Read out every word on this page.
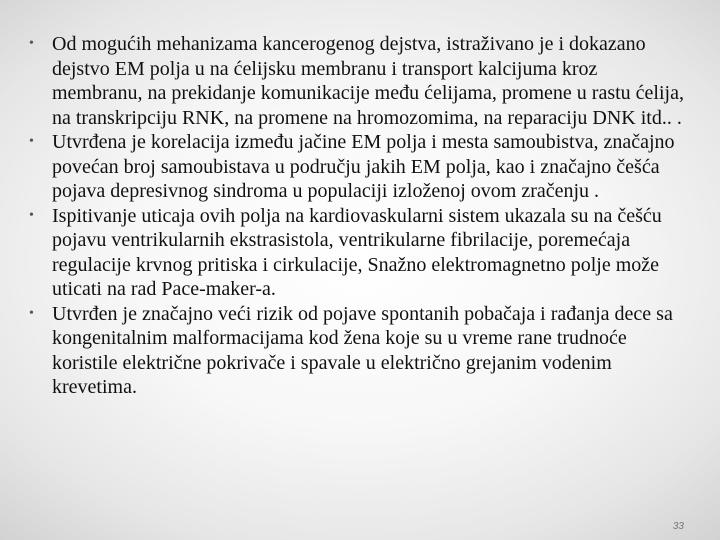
• Od mogućih mehanizama kancerogenog dejstva, istraživano je i dokazano dejstvo EM polja u na ćelijsku membranu i transport kalcijuma kroz membranu, na prekidanje komunikacije među ćelijama, promene u rastu ćelija, na transkripciju RNK, na promene na hromozomima, na reparaciju DNK itd.. .
• Utvrđena je korelacija između jačine EM polja i mesta samoubistva, značajno povećan broj samoubistava u području jakih EM polja, kao i značajno češća pojava depresivnog sindroma u populaciji izloženoj ovom zračenju .
• Ispitivanje uticaja ovih polja na kardiovaskularni sistem ukazala su na češću pojavu ventrikularnih ekstrasistola, ventrikularne fibrilacije, poremećaja regulacije krvnog pritiska i cirkulacije, Snažno elektromagnetno polje može uticati na rad Pace-maker-a.
• Utvrđen je značajno veći rizik od pojave spontanih pobačaja i rađanja dece sa kongenitalnim malformacijama kod žena koje su u vreme rane trudnoće koristile električne pokrivače i spavale u električno grejanim vodenim krevetima.
33
